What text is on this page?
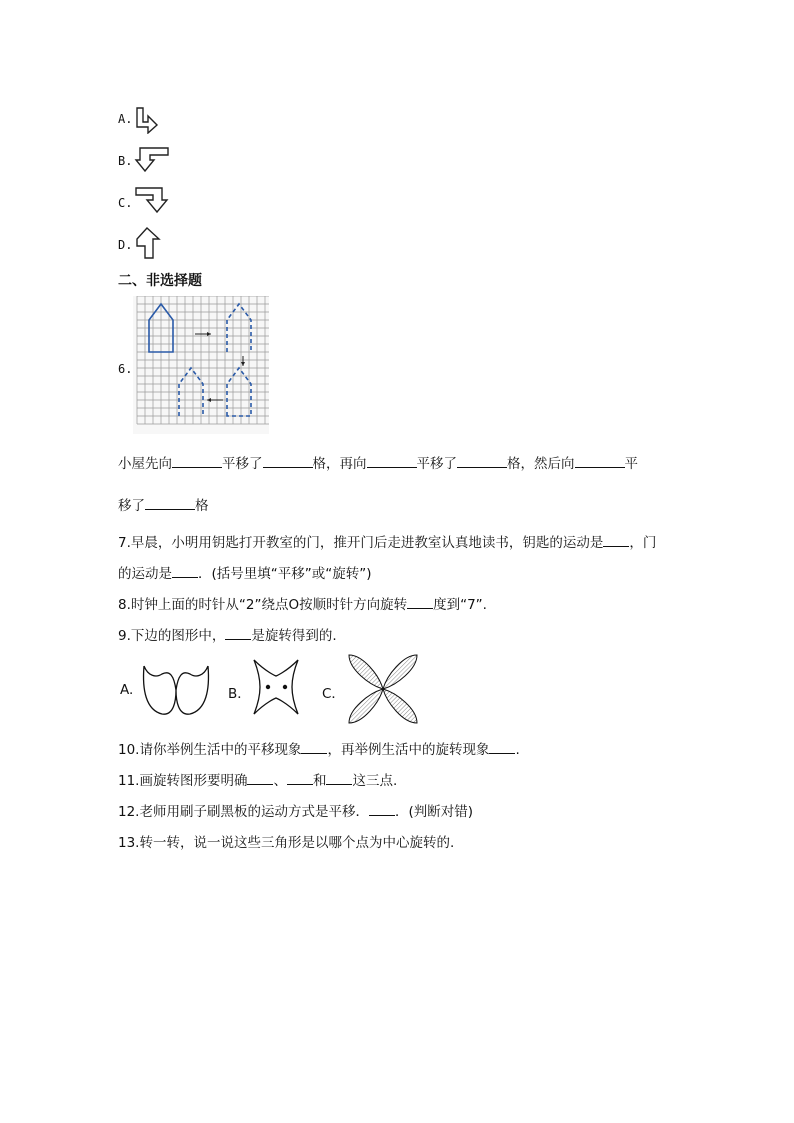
A.
B.
C.
D.
二、非选择题
6.
小屋先向	平移了	格，再向	平移了	格，然后向	平
移了	格
7.早晨，小明用钥匙打开教室的门，推开门后走进教室认真地读书，钥匙的运动是 ，门
的运动是 ．(括号里填“平移”或“旋转”)
8.时钟上面的时针从“2”绕点O按顺时针方向旋转 度到“7”.
9.下边的图形中， 是旋转得到的.
A.	B．	C．
10.请你举例生活中的平移现象 ，再举例生活中的旋转现象 .
11.画旋转图形要明确 、 和 这三点.
12.老师用刷子刷黑板的运动方式是平移． ．(判断对错)
13.转一转，说一说这些三角形是以哪个点为中心旋转的.
